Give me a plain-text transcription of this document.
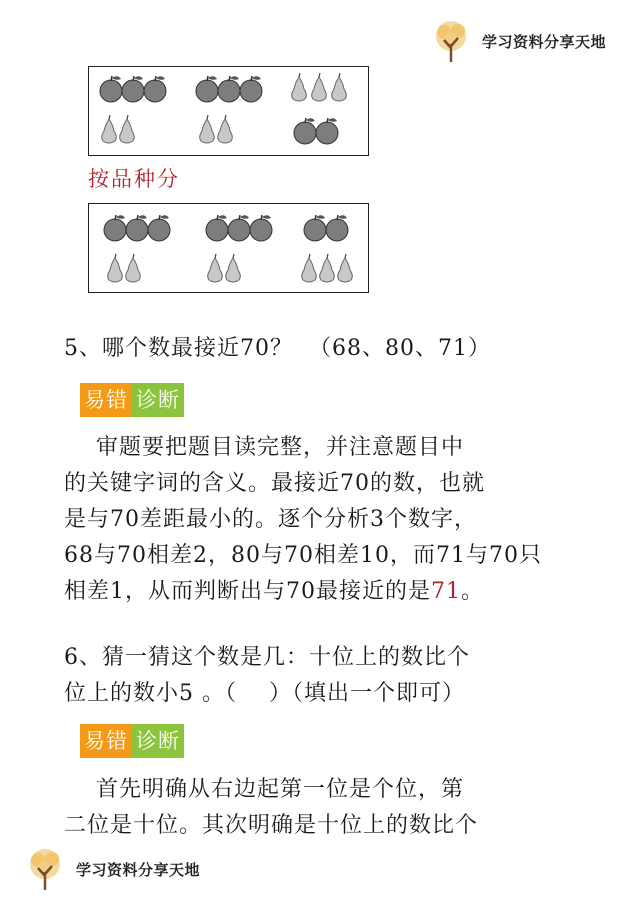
学习资料分享天地
按品种分
5、哪个数最接近70？  （68、80、71）
易错 诊断
审题要把题目读完整，并注意题目中
的关键字词的含义。最接近70的数，也就
是与70差距最小的。逐个分析3个数字，
68与70相差2，80与70相差10，而71与70只
相差1，从而判断出与70最接近的是71。
6、猜一猜这个数是几：十位上的数比个
位上的数小5 。（    ）（填出一个即可）
易错 诊断
首先明确从右边起第一位是个位，第
二位是十位。其次明确是十位上的数比个
学习资料分享天地
